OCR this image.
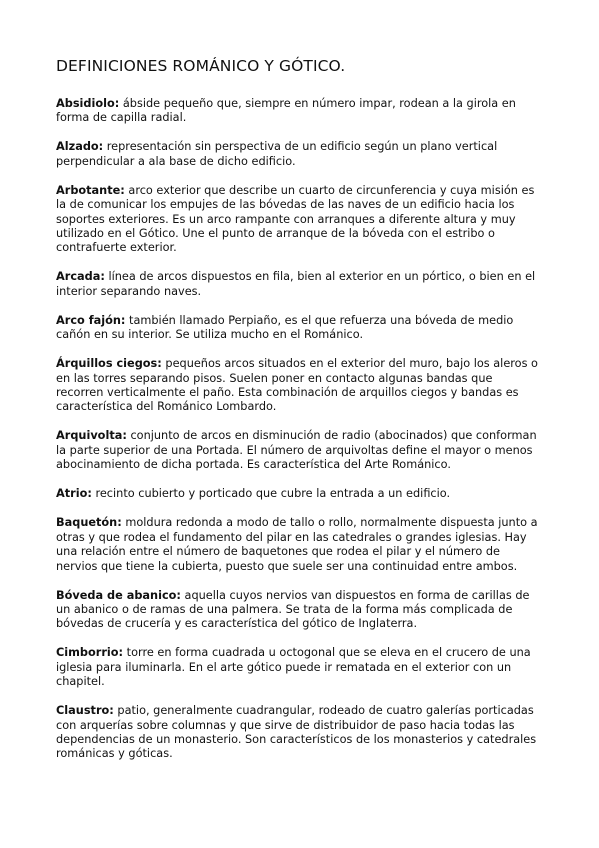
DEFINICIONES ROMÁNICO Y GÓTICO.

Absidiolo: ábside pequeño que, siempre en número impar, rodean a la girola en forma de capilla radial.

Alzado: representación sin perspectiva de un edificio según un plano vertical perpendicular a ala base de dicho edificio.

Arbotante: arco exterior que describe un cuarto de circunferencia y cuya misión es la de comunicar los empujes de las bóvedas de las naves de un edificio hacia los soportes exteriores. Es un arco rampante con arranques a diferente altura y muy utilizado en el Gótico. Une el punto de arranque de la bóveda con el estribo o contrafuerte exterior.

Arcada: línea de arcos dispuestos en fila, bien al exterior en un pórtico, o bien en el interior separando naves.

Arco fajón: también llamado Perpiaño, es el que refuerza una bóveda de medio cañón en su interior. Se utiliza mucho en el Románico.

Árquillos ciegos: pequeños arcos situados en el exterior del muro, bajo los aleros o en las torres separando pisos. Suelen poner en contacto algunas bandas que recorren verticalmente el paño. Esta combinación de arquillos ciegos y bandas es característica del Románico Lombardo.

Arquivolta: conjunto de arcos en disminución de radio (abocinados) que conforman la parte superior de una Portada. El número de arquivoltas define el mayor o menos abocinamiento de dicha portada. Es característica del Arte Románico.

Atrio: recinto cubierto y porticado que cubre la entrada a un edificio.

Baquetón: moldura redonda a modo de tallo o rollo, normalmente dispuesta junto a otras y que rodea el fundamento del pilar en las catedrales o grandes iglesias. Hay una relación entre el número de baquetones que rodea el pilar y el número de nervios que tiene la cubierta, puesto que suele ser una continuidad entre ambos.

Bóveda de abanico: aquella cuyos nervios van dispuestos en forma de carillas de un abanico o de ramas de una palmera. Se trata de la forma más complicada de bóvedas de crucería y es característica del gótico de Inglaterra.

Cimborrio: torre en forma cuadrada u octogonal que se eleva en el crucero de una iglesia para iluminarla. En el arte gótico puede ir rematada en el exterior con un chapitel.

Claustro: patio, generalmente cuadrangular, rodeado de cuatro galerías porticadas con arquerías sobre columnas y que sirve de distribuidor de paso hacia todas las dependencias de un monasterio. Son característicos de los monasterios y catedrales románicas y góticas.
